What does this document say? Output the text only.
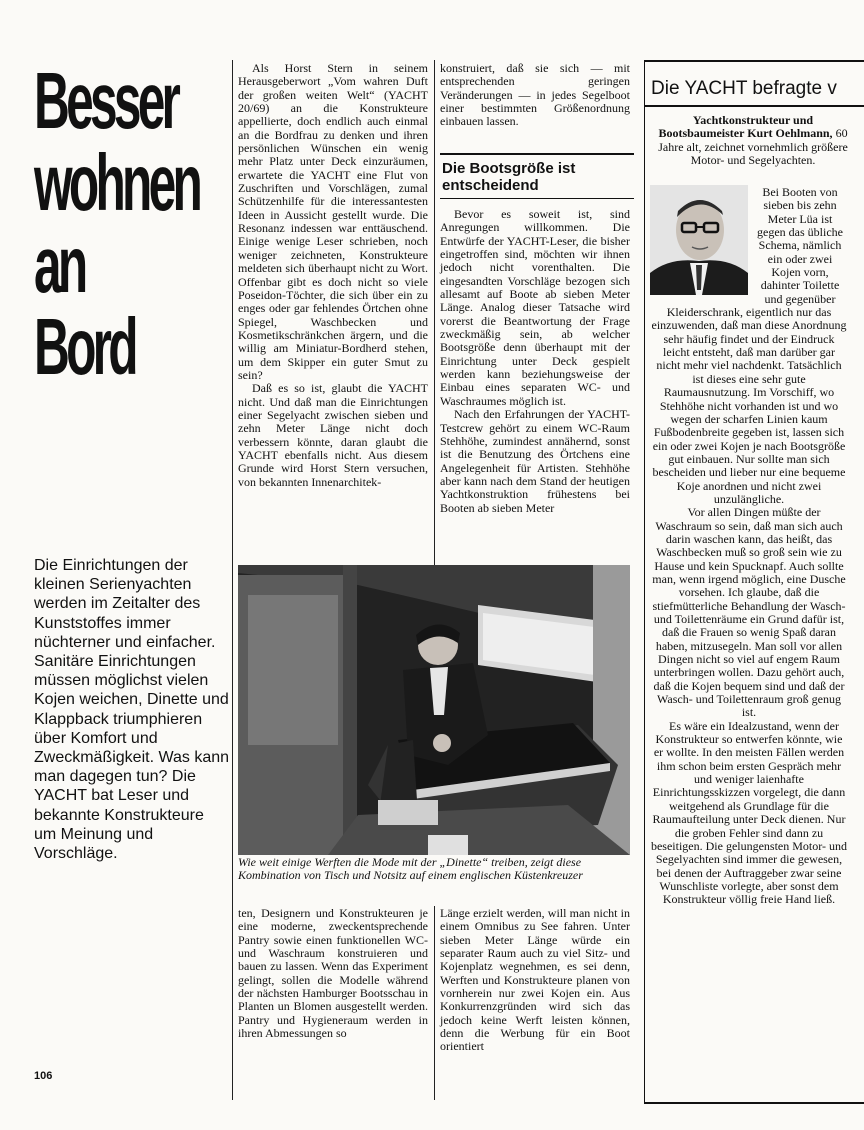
Besser
wohnen
an
Bord
Die Einrichtungen der kleinen Serienyachten werden im Zeitalter des Kunststoffes immer nüchterner und einfacher. Sanitäre Einrichtungen müssen möglichst vielen Kojen weichen, Dinette und Klappback triumphieren über Komfort und Zweckmäßigkeit. Was kann man dagegen tun? Die YACHT bat Leser und bekannte Konstrukteure um Meinung und Vorschläge.

Als Horst Stern in seinem Herausgeberwort „Vom wahren Duft der großen weiten Welt“ (YACHT 20/69) an die Konstrukteure appellierte, doch endlich auch einmal an die Bordfrau zu denken und ihren persönlichen Wünschen ein wenig mehr Platz unter Deck einzuräumen, erwartete die YACHT eine Flut von Zuschriften und Vorschlägen, zumal Schützenhilfe für die interessantesten Ideen in Aussicht gestellt wurde. Die Resonanz indessen war enttäuschend. Einige wenige Leser schrieben, noch weniger zeichneten, Konstrukteure meldeten sich überhaupt nicht zu Wort. Offenbar gibt es doch nicht so viele Poseidon-Töchter, die sich über ein zu enges oder gar fehlendes Örtchen ohne Spiegel, Waschbecken und Kosmetikschränkchen ärgern, und die willig am Miniatur-Bordherd stehen, um dem Skipper ein guter Smut zu sein?

Daß es so ist, glaubt die YACHT nicht. Und daß man die Einrichtungen einer Segelyacht zwischen sieben und zehn Meter Länge nicht doch verbessern könnte, daran glaubt die YACHT ebenfalls nicht. Aus diesem Grunde wird Horst Stern versuchen, von bekannten Innenarchitek-

konstruiert, daß sie sich — mit entsprechenden geringen Veränderungen — in jedes Segelboot einer bestimmten Größenordnung einbauen lassen.

Die Bootsgröße ist entscheidend

Bevor es soweit ist, sind Anregungen willkommen. Die Entwürfe der YACHT-Leser, die bisher eingetroffen sind, möchten wir ihnen jedoch nicht vorenthalten. Die eingesandten Vorschläge bezogen sich allesamt auf Boote ab sieben Meter Länge. Analog dieser Tatsache wird vorerst die Beantwortung der Frage zweckmäßig sein, ab welcher Bootsgröße denn überhaupt mit der Einrichtung unter Deck gespielt werden kann beziehungsweise der Einbau eines separaten WC- und Waschraumes möglich ist.

Nach den Erfahrungen der YACHT-Testcrew gehört zu einem WC-Raum Stehhöhe, zumindest annähernd, sonst ist die Benutzung des Örtchens eine Angelegenheit für Artisten. Stehhöhe aber kann nach dem Stand der heutigen Yachtkonstruktion frühestens bei Booten ab sieben Meter

Wie weit einige Werften die Mode mit der „Dinette“ treiben, zeigt diese Kombination von Tisch und Notsitz auf einem englischen Küstenkreuzer

ten, Designern und Konstrukteuren je eine moderne, zweckentsprechende Pantry sowie einen funktionellen WC- und Waschraum konstruieren und bauen zu lassen. Wenn das Experiment gelingt, sollen die Modelle während der nächsten Hamburger Bootsschau in Planten un Blomen ausgestellt werden. Pantry und Hygieneraum werden in ihren Abmessungen so

Länge erzielt werden, will man nicht in einem Omnibus zu See fahren. Unter sieben Meter Länge würde ein separater Raum auch zu viel Sitz- und Kojenplatz wegnehmen, es sei denn, Werften und Konstrukteure planen von vornherein nur zwei Kojen ein. Aus Konkurrenzgründen wird sich das jedoch keine Werft leisten können, denn die Werbung für ein Boot orientiert

Die YACHT befragte v
Yachtkonstrukteur und Bootsbaumeister Kurt Oehlmann, 60 Jahre alt, zeichnet vornehmlich größere Motor- und Segelyachten.

Bei Booten von sieben bis zehn Meter Lüa ist gegen das übliche Schema, nämlich ein oder zwei Kojen vorn, dahinter Toilette und gegenüber Kleiderschrank, eigentlich nur das einzuwenden, daß man diese Anordnung sehr häufig findet und der Eindruck leicht entsteht, daß man darüber gar nicht mehr viel nachdenkt. Tatsächlich ist dieses eine sehr gute Raumausnutzung. Im Vorschiff, wo Stehhöhe nicht vorhanden ist und wo wegen der scharfen Linien kaum Fußbodenbreite gegeben ist, lassen sich ein oder zwei Kojen je nach Bootsgröße gut einbauen. Nur sollte man sich bescheiden und lieber nur eine bequeme Koje anordnen und nicht zwei unzulängliche.

Vor allen Dingen müßte der Waschraum so sein, daß man sich auch darin waschen kann, das heißt, das Waschbecken muß so groß sein wie zu Hause und kein Spucknapf. Auch sollte man, wenn irgend möglich, eine Dusche vorsehen. Ich glaube, daß die stiefmütterliche Behandlung der Wasch- und Toilettenräume ein Grund dafür ist, daß die Frauen so wenig Spaß daran haben, mitzusegeln. Man soll vor allen Dingen nicht so viel auf engem Raum unterbringen wollen. Dazu gehört auch, daß die Kojen bequem sind und daß der Wasch- und Toilettenraum groß genug ist.

Es wäre ein Idealzustand, wenn der Konstrukteur so entwerfen könnte, wie er wollte. In den meisten Fällen werden ihm schon beim ersten Gespräch mehr und weniger laienhafte Einrichtungsskizzen vorgelegt, die dann weitgehend als Grundlage für die Raumaufteilung unter Deck dienen. Nur die groben Fehler sind dann zu beseitigen. Die gelungensten Motor- und Segelyachten sind immer die gewesen, bei denen der Auftraggeber zwar seine Wunschliste vorlegte, aber sonst dem Konstrukteur völlig freie Hand ließ.

106
